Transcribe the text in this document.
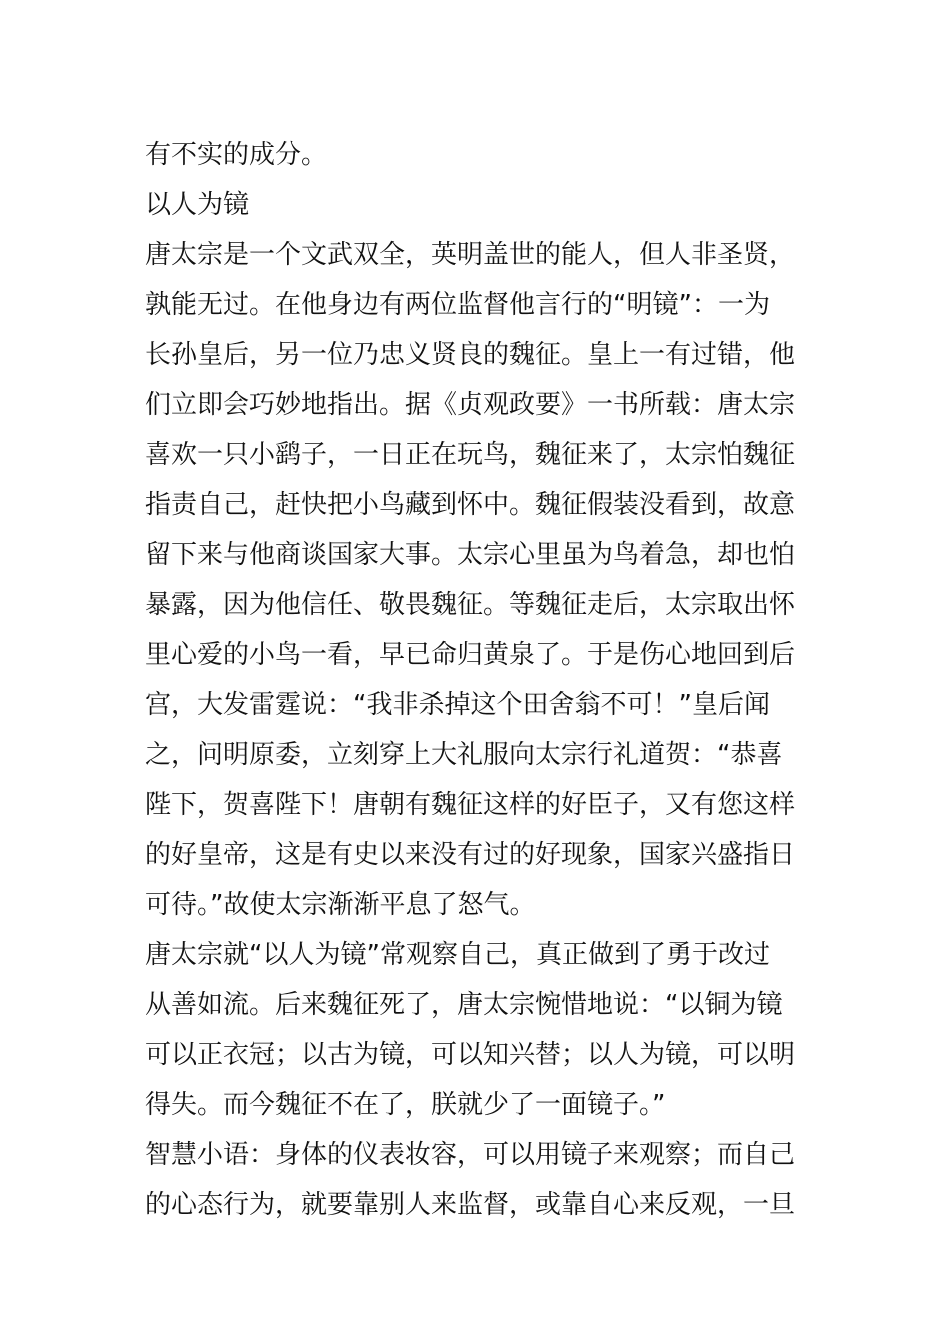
有不实的成分。
以人为镜
唐太宗是一个文武双全，英明盖世的能人，但人非圣贤，
孰能无过。在他身边有两位监督他言行的“明镜”：一为
长孙皇后，另一位乃忠义贤良的魏征。皇上一有过错，他
们立即会巧妙地指出。据《贞观政要》一书所载：唐太宗
喜欢一只小鹞子，一日正在玩鸟，魏征来了，太宗怕魏征
指责自己，赶快把小鸟藏到怀中。魏征假装没看到，故意
留下来与他商谈国家大事。太宗心里虽为鸟着急，却也怕
暴露，因为他信任、敬畏魏征。等魏征走后，太宗取出怀
里心爱的小鸟一看，早已命归黄泉了。于是伤心地回到后
宫，大发雷霆说：“我非杀掉这个田舍翁不可！”皇后闻
之，问明原委，立刻穿上大礼服向太宗行礼道贺：“恭喜
陛下，贺喜陛下！唐朝有魏征这样的好臣子，又有您这样
的好皇帝，这是有史以来没有过的好现象，国家兴盛指日
可待。”故使太宗渐渐平息了怒气。
唐太宗就“以人为镜”常观察自己，真正做到了勇于改过
从善如流。后来魏征死了，唐太宗惋惜地说：“以铜为镜
可以正衣冠；以古为镜，可以知兴替；以人为镜，可以明
得失。而今魏征不在了，朕就少了一面镜子。”
智慧小语：身体的仪表妆容，可以用镜子来观察；而自己
的心态行为，就要靠别人来监督，或靠自心来反观，一旦
